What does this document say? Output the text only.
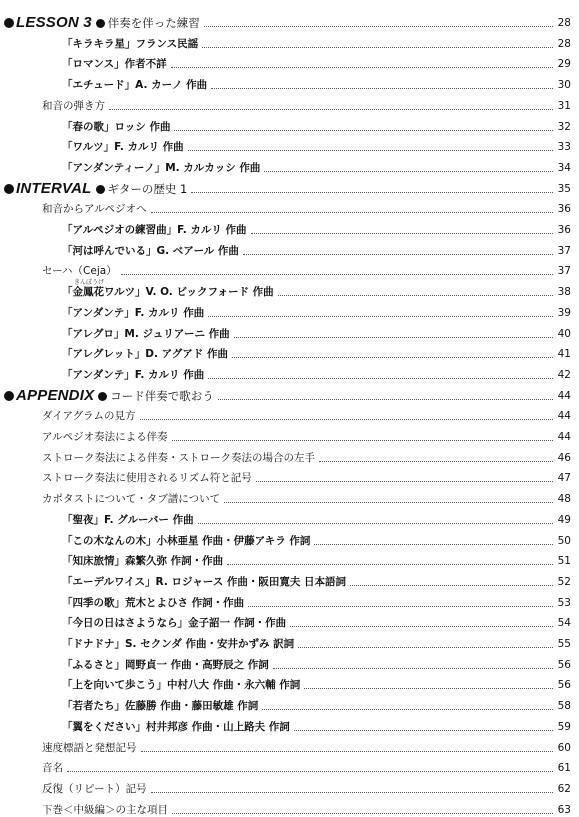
LESSON 3 伴奏を伴った練習	28
「キラキラ星」フランス民謡	28
「ロマンス」作者不詳	29
「エチュード」A. カーノ 作曲	30
和音の弾き方	31
「春の歌」ロッシ 作曲	32
「ワルツ」F. カルリ 作曲	33
「アンダンティーノ」M. カルカッシ 作曲	34
INTERVAL ギターの歴史 1	35
和音からアルペジオへ	36
「アルペジオの練習曲」F. カルリ 作曲	36
「河は呼んでいる」G. ベアール 作曲	37
セーハ（Ceja）	37
「金鳳花ワルツ」V. O. ビックフォード 作曲	38
きんぽうげ
「アンダンテ」F. カルリ 作曲	39
「アレグロ」M. ジュリアーニ 作曲	40
「アレグレット」D. アグアド 作曲	41
「アンダンテ」F. カルリ 作曲	42
APPENDIX コード伴奏で歌おう	44
ダイアグラムの見方	44
アルペジオ奏法による伴奏	44
ストローク奏法による伴奏・ストローク奏法の場合の左手	46
ストローク奏法に使用されるリズム符と記号	47
カポタストについて・タブ譜について	48
「聖夜」F. グルーバー 作曲	49
「この木なんの木」小林亜星 作曲・伊藤アキラ 作詞	50
「知床旅情」森繁久弥 作詞・作曲	51
「エーデルワイス」R. ロジャース 作曲・阪田寛夫 日本語詞	52
「四季の歌」荒木とよひさ 作詞・作曲	53
「今日の日はさようなら」金子詔一 作詞・作曲	54
「ドナドナ」S. セクンダ 作曲・安井かずみ 訳詞	55
「ふるさと」岡野貞一 作曲・高野辰之 作詞	56
「上を向いて歩こう」中村八大 作曲・永六輔 作詞	56
「若者たち」佐藤勝 作曲・藤田敏雄 作詞	58
「翼をください」村井邦彦 作曲・山上路夫 作詞	59
速度標語と発想記号	60
音名	61
反復（リピート）記号	62
下巻＜中級編＞の主な項目	63
